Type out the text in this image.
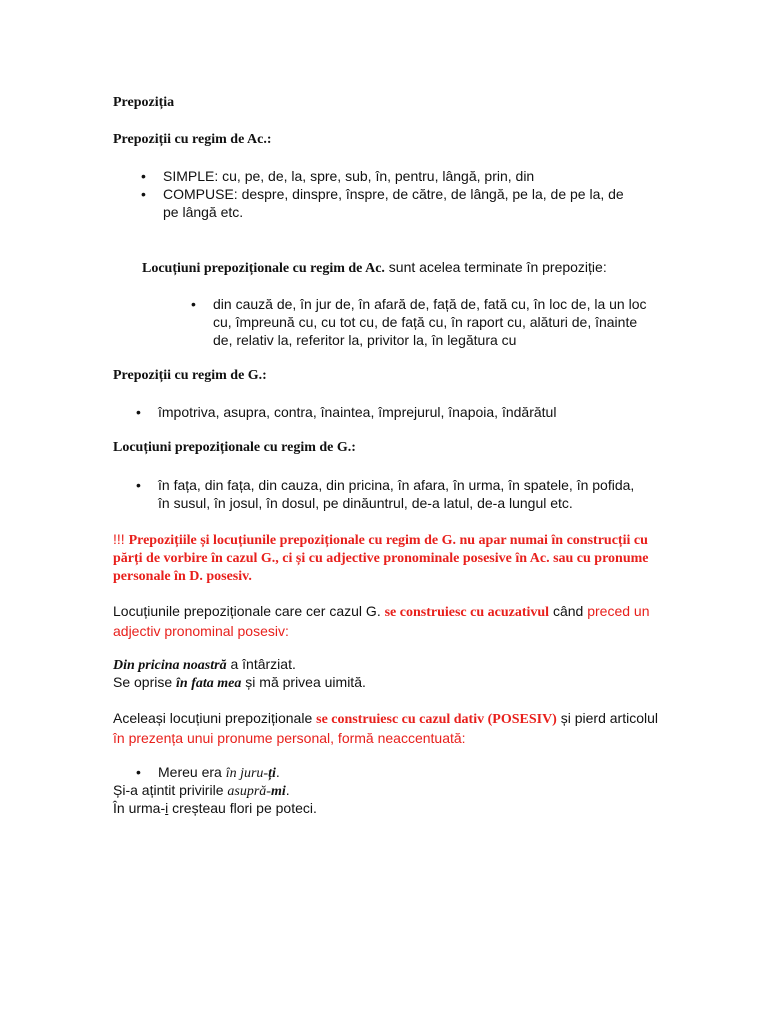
Prepoziția
Prepoziții cu regim de Ac.:
• SIMPLE: cu, pe, de, la, spre, sub, în, pentru, lângă, prin, din
• COMPUSE: despre, dinspre, înspre, de către, de lângă, pe la, de pe la, de pe lângă etc.
Locuțiuni prepoziționale cu regim de Ac. sunt acelea terminate în prepoziție:
• din cauză de, în jur de, în afară de, față de, fată cu, în loc de, la un loc cu, împreună cu, cu tot cu, de față cu, în raport cu, alături de, înainte de, relativ la, referitor la, privitor la, în legătura cu
Prepoziții cu regim de G.:
• împotriva, asupra, contra, înaintea, împrejurul, înapoia, îndărătul
Locuțiuni prepoziționale cu regim de G.:
• în fața, din fața, din cauza, din pricina, în afara, în urma, în spatele, în pofida, în susul, în josul, în dosul, pe dinăuntrul, de-a latul, de-a lungul etc.
!!! Prepozițiile și locuțiunile prepoziționale cu regim de G. nu apar numai în construcții cu părți de vorbire în cazul G., ci și cu adjective pronominale posesive în Ac. sau cu pronume personale în D. posesiv.
Locuțiunile prepoziționale care cer cazul G. se construiesc cu acuzativul când preced un adjectiv pronominal posesiv:
Din pricina noastră a întârziat.
Se oprise în fata mea și mă privea uimită.
Aceleași locuțiuni prepoziționale se construiesc cu cazul dativ (POSESIV) și pierd articolul în prezența unui pronume personal, formă neaccentuată:
• Mereu era în juru-ți.
Și-a ațintit privirile asupră-mi.
În urma-i creșteau flori pe poteci.
